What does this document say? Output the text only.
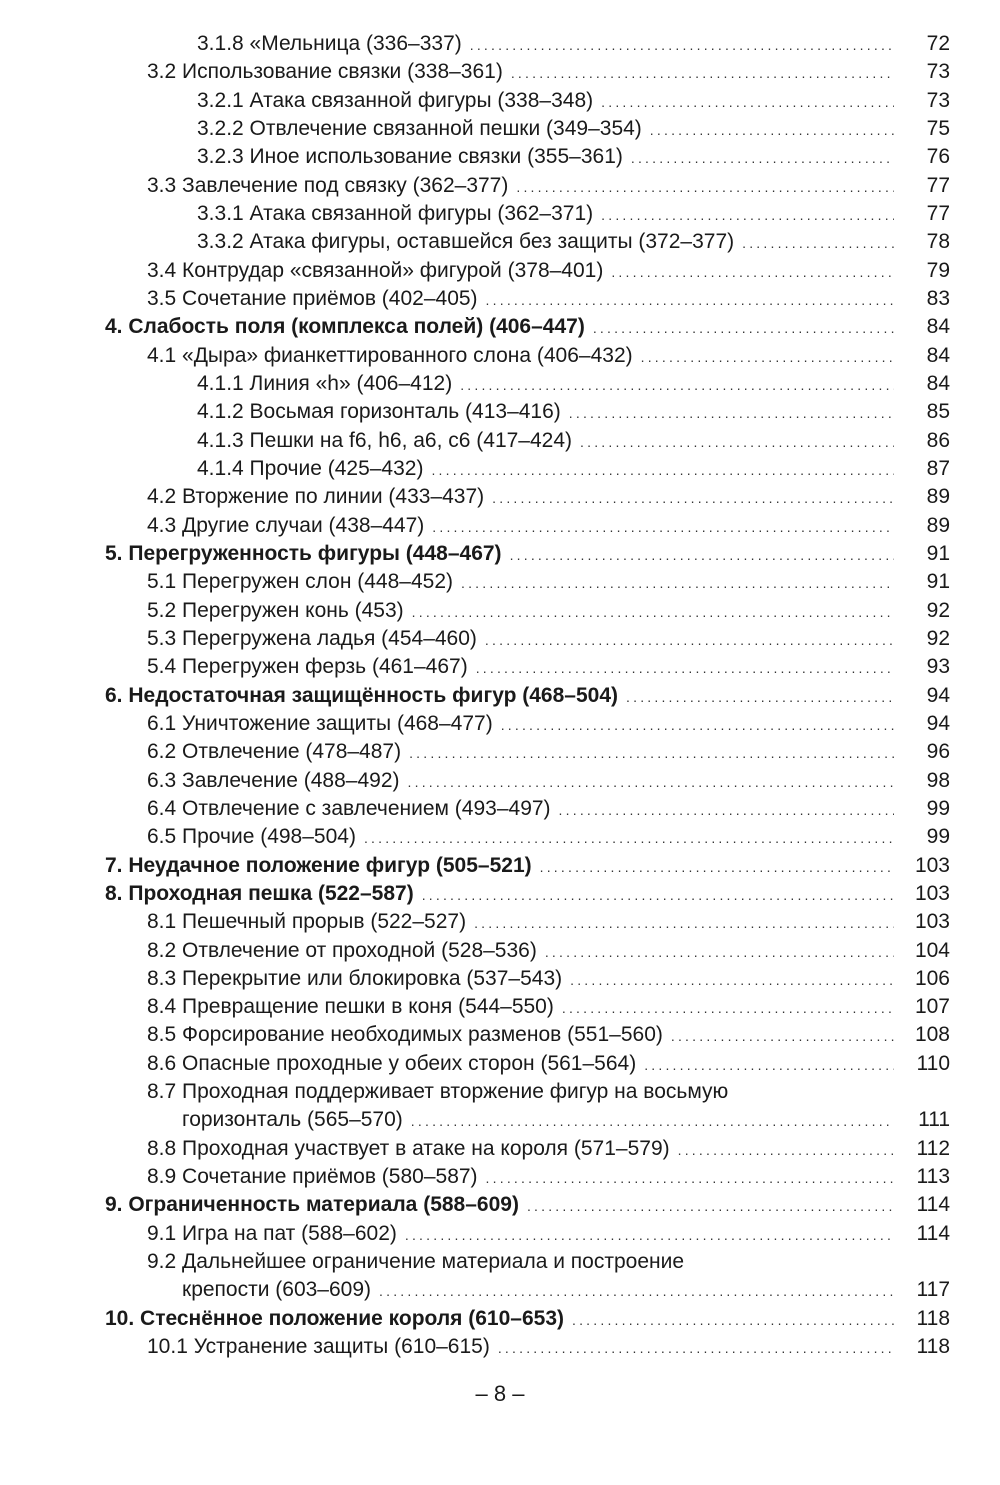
3.1.8 «Мельница (336–337) .....	72
3.2 Использование связки (338–361) .....	73
3.2.1 Атака связанной фигуры (338–348) .....	73
3.2.2 Отвлечение связанной пешки (349–354) .....	75
3.2.3 Иное использование связки (355–361) .....	76
3.3 Завлечение под связку (362–377) .....	77
3.3.1 Атака связанной фигуры (362–371) .....	77
3.3.2 Атака фигуры, оставшейся без защиты (372–377) .....	78
3.4 Контрудар «связанной» фигурой (378–401) .....	79
3.5 Сочетание приёмов (402–405) .....	83
4. Слабость поля (комплекса полей) (406–447) .....	84
4.1 «Дыра» фианкеттированного слона (406–432) .....	84
4.1.1 Линия «h» (406–412) .....	84
4.1.2 Восьмая горизонталь (413–416) .....	85
4.1.3 Пешки на f6, h6, a6, c6 (417–424) .....	86
4.1.4 Прочие (425–432) .....	87
4.2 Вторжение по линии (433–437) .....	89
4.3 Другие случаи (438–447) .....	89
5. Перегруженность фигуры (448–467) .....	91
5.1 Перегружен слон (448–452) .....	91
5.2 Перегружен конь (453) .....	92
5.3 Перегружена ладья (454–460) .....	92
5.4 Перегружен ферзь (461–467) .....	93
6. Недостаточная защищённость фигур (468–504) .....	94
6.1 Уничтожение защиты (468–477) .....	94
6.2 Отвлечение (478–487) .....	96
6.3 Завлечение (488–492) .....	98
6.4 Отвлечение с завлечением (493–497) .....	99
6.5 Прочие (498–504) .....	99
7. Неудачное положение фигур (505–521) .....	103
8. Проходная пешка (522–587) .....	103
8.1 Пешечный прорыв (522–527) .....	103
8.2 Отвлечение от проходной (528–536) .....	104
8.3 Перекрытие или блокировка (537–543) .....	106
8.4 Превращение пешки в коня (544–550) .....	107
8.5 Форсирование необходимых разменов (551–560) .....	108
8.6 Опасные проходные у обеих сторон (561–564) .....	110
8.7 Проходная поддерживает вторжение фигур на восьмую
горизонталь (565–570) .....	111
8.8 Проходная участвует в атаке на короля (571–579) .....	112
8.9 Сочетание приёмов (580–587) .....	113
9. Ограниченность материала (588–609) .....	114
9.1 Игра на пат (588–602) .....	114
9.2 Дальнейшее ограничение материала и построение
крепости (603–609) .....	117
10. Стеснённое положение короля (610–653) .....	118
10.1 Устранение защиты (610–615) .....	118
– 8 –
